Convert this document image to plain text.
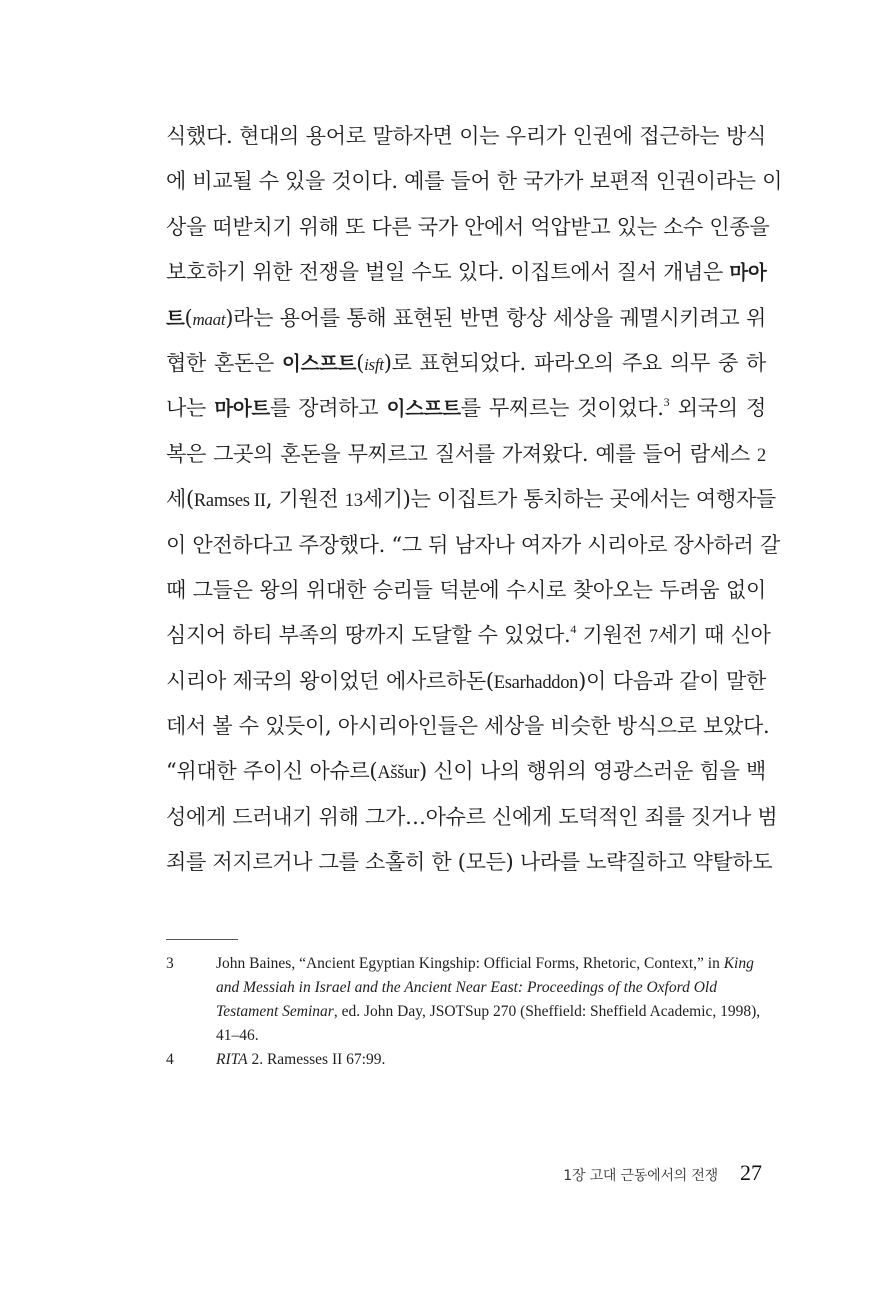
식했다. 현대의 용어로 말하자면 이는 우리가 인권에 접근하는 방식
에 비교될 수 있을 것이다. 예를 들어 한 국가가 보편적 인권이라는 이
상을 떠받치기 위해 또 다른 국가 안에서 억압받고 있는 소수 인종을
보호하기 위한 전쟁을 벌일 수도 있다. 이집트에서 질서 개념은 마아
트(maat)라는 용어를 통해 표현된 반면 항상 세상을 궤멸시키려고 위
협한 혼돈은 이스프트(isft)로 표현되었다. 파라오의 주요 의무 중 하
나는 마아트를 장려하고 이스프트를 무찌르는 것이었다.$^3$ 외국의 정
복은 그곳의 혼돈을 무찌르고 질서를 가져왔다. 예를 들어 람세스 2
세(Ramses II, 기원전 13세기)는 이집트가 통치하는 곳에서는 여행자들
이 안전하다고 주장했다. “그 뒤 남자나 여자가 시리아로 장사하러 갈
때 그들은 왕의 위대한 승리들 덕분에 수시로 찾아오는 두려움 없이
심지어 하티 부족의 땅까지 도달할 수 있었다.$^4$ 기원전 7세기 때 신아
시리아 제국의 왕이었던 에사르하돈(Esarhaddon)이 다음과 같이 말한
데서 볼 수 있듯이, 아시리아인들은 세상을 비슷한 방식으로 보았다.
“위대한 주이신 아슈르(Aššur) 신이 나의 행위의 영광스러운 힘을 백
성에게 드러내기 위해 그가…아슈르 신에게 도덕적인 죄를 짓거나 범
죄를 저지르거나 그를 소홀히 한 (모든) 나라를 노략질하고 약탈하도
3	John Baines, “Ancient Egyptian Kingship: Official Forms, Rhetoric, Context,” in King and Messiah in Israel and the Ancient Near East: Proceedings of the Oxford Old Testament Seminar, ed. John Day, JSOTSup 270 (Sheffield: Sheffield Academic, 1998), 41–46.
4	RITA 2. Ramesses II 67:99.
1장 고대 근동에서의 전쟁 27
